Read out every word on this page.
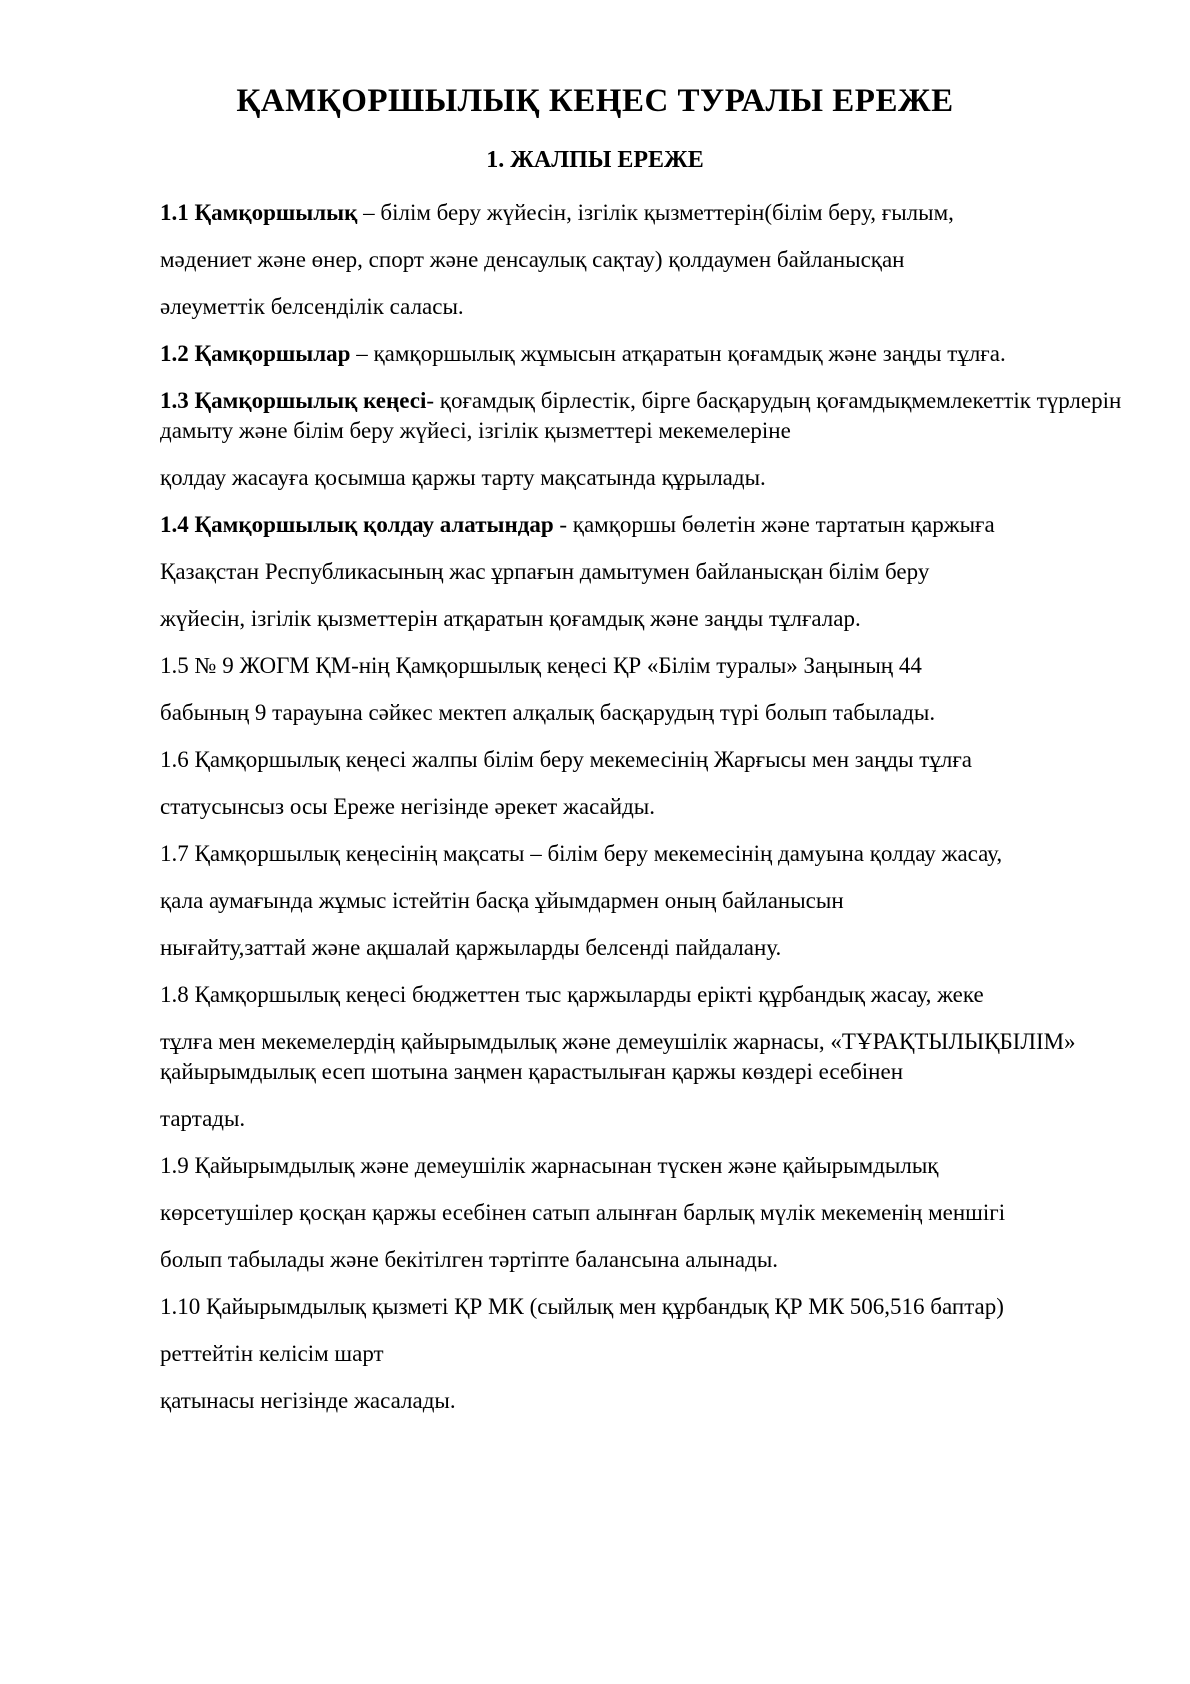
ҚАМҚОРШЫЛЫҚ КЕҢЕС ТУРАЛЫ ЕРЕЖЕ
1. ЖАЛПЫ ЕРЕЖЕ
1.1 Қамқоршылық – білім беру жүйесін, ізгілік қызметтерін(білім беру, ғылым,
мәдениет және өнер, спорт және денсаулық сақтау) қолдаумен байланысқан
әлеуметтік белсенділік саласы.
1.2 Қамқоршылар – қамқоршылық жұмысын атқаратын қоғамдық және заңды тұлға.
1.3 Қамқоршылық кеңесі- қоғамдық бірлестік, бірге басқарудың қоғамдықмемлекеттік түрлерін
дамыту және білім беру жүйесі, ізгілік қызметтері мекемелеріне
қолдау жасауға қосымша қаржы тарту мақсатында құрылады.
1.4 Қамқоршылық қолдау алатындар - қамқоршы бөлетін және тартатын қаржыға
Қазақстан Республикасының жас ұрпағын дамытумен байланысқан білім беру
жүйесін, ізгілік қызметтерін атқаратын қоғамдық және заңды тұлғалар.
1.5 № 9 ЖОГМ ҚМ-нің Қамқоршылық кеңесі ҚР «Білім туралы» Заңының 44
бабының 9 тарауына сәйкес мектеп алқалық басқарудың түрі болып табылады.
1.6 Қамқоршылық кеңесі жалпы білім беру мекемесінің Жарғысы мен заңды тұлға
статусынсыз осы Ереже негізінде әрекет жасайды.
1.7 Қамқоршылық кеңесінің мақсаты – білім беру мекемесінің дамуына қолдау жасау,
қала аумағында жұмыс істейтін басқа ұйымдармен оның байланысын
нығайту,заттай және ақшалай қаржыларды белсенді пайдалану.
1.8 Қамқоршылық кеңесі бюджеттен тыс қаржыларды ерікті құрбандық жасау, жеке
тұлға мен мекемелердің қайырымдылық және демеушілік жарнасы, «ТҰРАҚТЫЛЫҚБІЛІМ»
қайырымдылық есеп шотына заңмен қарастылыған қаржы көздері есебінен
тартады.
1.9 Қайырымдылық және демеушілік жарнасынан түскен және қайырымдылық
көрсетушілер қосқан қаржы есебінен сатып алынған барлық мүлік мекеменің меншігі
болып табылады және бекітілген тәртіпте балансына алынады.
1.10 Қайырымдылық қызметі ҚР МК (сыйлық мен құрбандық ҚР МК 506,516 баптар)
реттейтін келісім шарт
қатынасы негізінде жасалады.
